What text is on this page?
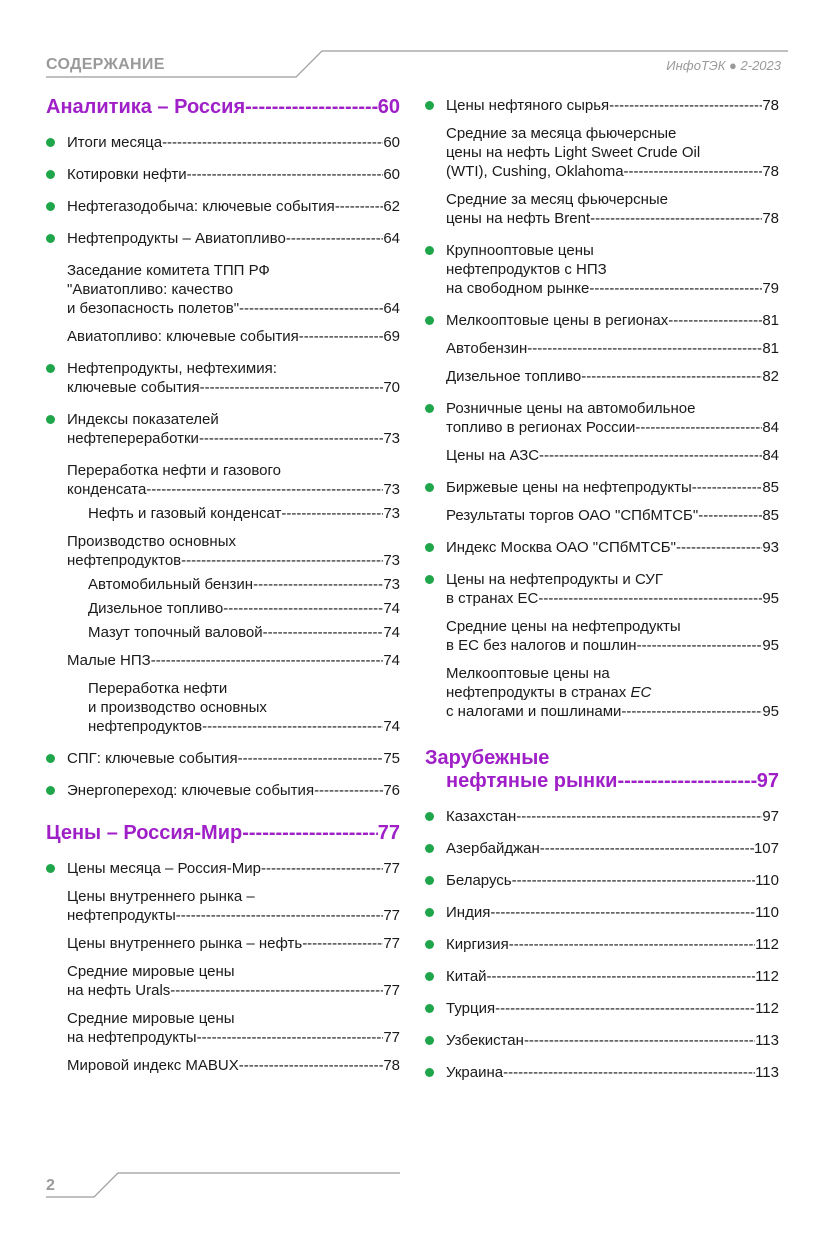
СОДЕРЖАНИЕ	ИнфоТЭК ● 2-2023
Аналитика – Россия -----	60
Итоги месяца -----	60
Котировки нефти -----	60
Нефтегазодобыча: ключевые события -----	62
Нефтепродукты – Авиатопливо -----	64
Заседание комитета ТПП РФ
"Авиатопливо: качество
и безопасность полетов" -----	64
Авиатопливо: ключевые события -----	69
Нефтепродукты, нефтехимия:
ключевые события -----	70
Индексы показателей
нефтепереработки -----	73
Переработка нефти и газового
конденсата -----	73
Нефть и газовый конденсат -----	73
Производство основных
нефтепродуктов -----	73
Автомобильный бензин -----	73
Дизельное топливо -----	74
Мазут топочный валовой -----	74
Малые НПЗ -----	74
Переработка нефти
и производство основных
нефтепродуктов -----	74
СПГ: ключевые события -----	75
Энергопереход: ключевые события -----	76
Цены – Россия-Мир -----	77
Цены месяца – Россия-Мир -----	77
Цены внутреннего рынка –
нефтепродукты -----	77
Цены внутреннего рынка – нефть -----	77
Средние мировые цены
на нефть Urals -----	77
Средние мировые цены
на нефтепродукты -----	77
Мировой индекс MABUX -----	78
Цены нефтяного сырья -----	78
Средние за месяца фьючерсные
цены на нефть Light Sweet Crude Oil
(WTI), Cushing, Oklahoma -----	78
Средние за месяц фьючерсные
цены на нефть Brent -----	78
Крупнооптовые цены
нефтепродуктов с НПЗ
на свободном рынке -----	79
Мелкооптовые цены в регионах -----	81
Автобензин -----	81
Дизельное топливо -----	82
Розничные цены на автомобильное
топливо в регионах России -----	84
Цены на АЗС -----	84
Биржевые цены на нефтепродукты -----	85
Результаты торгов ОАО "СПбМТСБ" -----	85
Индекс Москва ОАО "СПбМТСБ" -----	93
Цены на нефтепродукты и СУГ
в странах ЕС -----	95
Средние цены на нефтепродукты
в ЕС без налогов и пошлин -----	95
Мелкооптовые цены на
нефтепродукты в странах ЕС
с налогами и пошлинами -----	95
Зарубежные
нефтяные рынки -----	97
Казахстан -----	97
Азербайджан -----	107
Беларусь -----	110
Индия -----	110
Киргизия -----	112
Китай -----	112
Турция -----	112
Узбекистан -----	113
Украина -----	113
2
